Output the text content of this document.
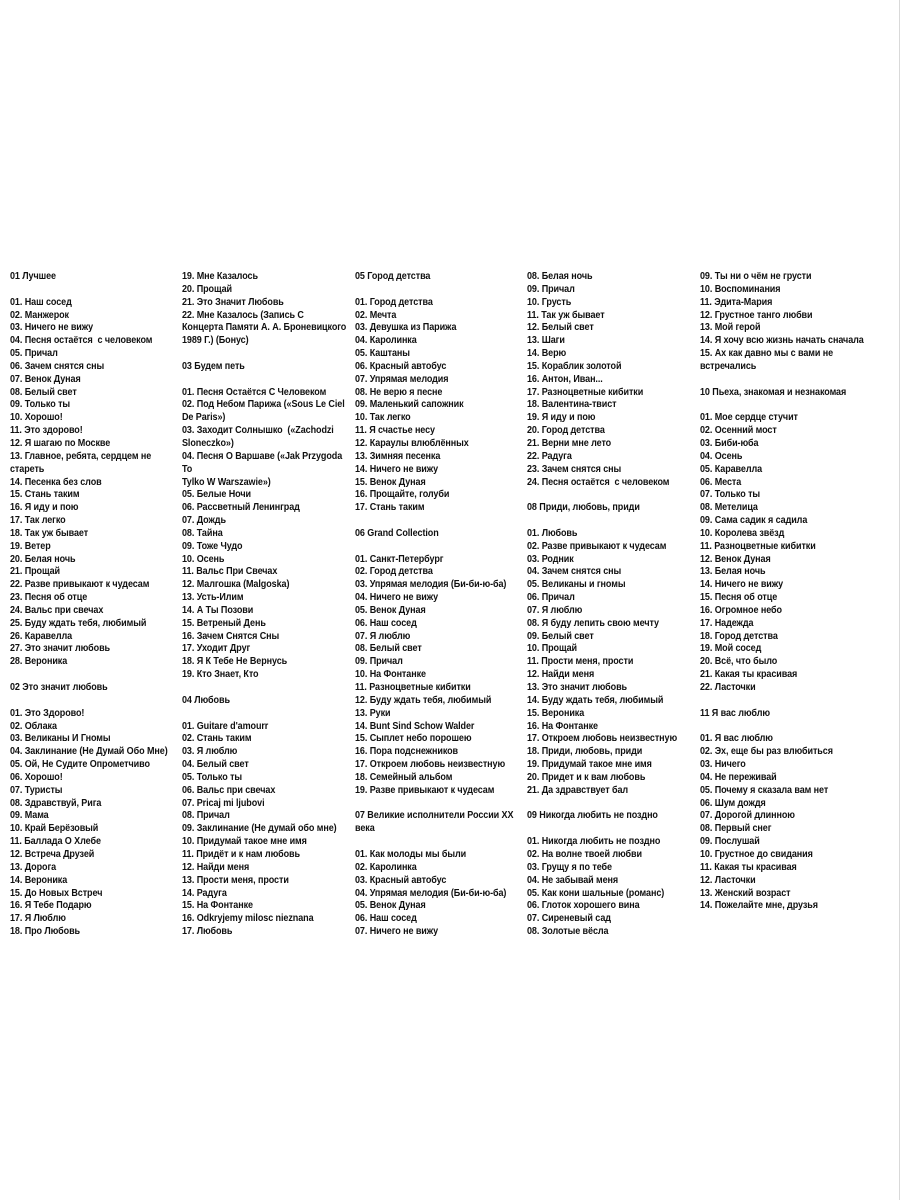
01 Лучшее
01. Наш сосед
02. Манжерок
03. Ничего не вижу
04. Песня остаётся  с человеком
05. Причал
06. Зачем снятся сны
07. Венок Дуная
08. Белый свет
09. Только ты
10. Хорошо!
11. Это здорово!
12. Я шагаю по Москве
13. Главное, ребята, сердцем не
стареть
14. Песенка без слов
15. Стань таким
16. Я иду и пою
17. Так легко
18. Так уж бывает
19. Ветер
20. Белая ночь
21. Прощай
22. Разве привыкают к чудесам
23. Песня об отце
24. Вальс при свечах
25. Буду ждать тебя, любимый
26. Каравелла
27. Это значит любовь
28. Вероника
02 Это значит любовь
01. Это Здорово!
02. Облака
03. Великаны И Гномы
04. Заклинание (Не Думай Обо Мне)
05. Ой, Не Судите Опрометчиво
06. Хорошо!
07. Туристы
08. Здравствуй, Рига
09. Мама
10. Край Берёзовый
11. Баллада О Хлебе
12. Встреча Друзей
13. Дорога
14. Вероника
15. До Новых Встреч
16. Я Тебе Подарю
17. Я Люблю
18. Про Любовь
19. Мне Казалось
20. Прощай
21. Это Значит Любовь
22. Мне Казалось (Запись С
Концерта Памяти А. А. Броневицкого
1989 Г.) (Бонус)
03 Будем петь
01. Песня Остаётся С Человеком
02. Под Небом Парижа («Sous Le Ciel
De Paris»)
03. Заходит Солнышко  («Zachodzi
Sloneczko»)
04. Песня О Варшаве («Jak Przygoda To
Tylko W Warszawie»)
05. Белые Ночи
06. Рассветный Ленинград
07. Дождь
08. Тайна
09. Тоже Чудо
10. Осень
11. Вальс При Свечах
12. Малгошка (Malgoska)
13. Усть-Илим
14. А Ты Позови
15. Ветреный День
16. Зачем Снятся Сны
17. Уходит Друг
18. Я К Тебе Не Вернусь
19. Кто Знает, Кто
04 Любовь
01. Guitare d'amourr
02. Стань таким
03. Я люблю
04. Белый свет
05. Только ты
06. Вальс при свечах
07. Pricaj mi ljubovi
08. Причал
09. Заклинание (Не думай обо мне)
10. Придумай такое мне имя
11. Придёт и к нам любовь
12. Найди меня
13. Прости меня, прости
14. Радуга
15. На Фонтанке
16. Odkryjemy milosc nieznana
17. Любовь
05 Город детства
01. Город детства
02. Мечта
03. Девушка из Парижа
04. Каролинка
05. Каштаны
06. Красный автобус
07. Упрямая мелодия
08. Не верю я песне
09. Маленький сапожник
10. Так легко
11. Я счастье несу
12. Караулы влюблённых
13. Зимняя песенка
14. Ничего не вижу
15. Венок Дуная
16. Прощайте, голуби
17. Стань таким
06 Grand Collection
01. Санкт-Петербург
02. Город детства
03. Упрямая мелодия (Би-би-ю-ба)
04. Ничего не вижу
05. Венок Дуная
06. Наш сосед
07. Я люблю
08. Белый свет
09. Причал
10. На Фонтанке
11. Разноцветные кибитки
12. Буду ждать тебя, любимый
13. Руки
14. Bunt Sind Schow Walder
15. Сыплет небо порошею
16. Пора подснежников
17. Откроем любовь неизвестную
18. Семейный альбом
19. Разве привыкают к чудесам
07 Великие исполнители России XX
века
01. Как молоды мы были
02. Каролинка
03. Красный автобус
04. Упрямая мелодия (Би-би-ю-ба)
05. Венок Дуная
06. Наш сосед
07. Ничего не вижу
08. Белая ночь
09. Причал
10. Грусть
11. Так уж бывает
12. Белый свет
13. Шаги
14. Верю
15. Кораблик золотой
16. Антон, Иван...
17. Разноцветные кибитки
18. Валентина-твист
19. Я иду и пою
20. Город детства
21. Верни мне лето
22. Радуга
23. Зачем снятся сны
24. Песня остаётся  с человеком
08 Приди, любовь, приди
01. Любовь
02. Разве привыкают к чудесам
03. Родник
04. Зачем снятся сны
05. Великаны и гномы
06. Причал
07. Я люблю
08. Я буду лепить свою мечту
09. Белый свет
10. Прощай
11. Прости меня, прости
12. Найди меня
13. Это значит любовь
14. Буду ждать тебя, любимый
15. Вероника
16. На Фонтанке
17. Откроем любовь неизвестную
18. Приди, любовь, приди
19. Придумай такое мне имя
20. Придет и к вам любовь
21. Да здравствует бал
09 Никогда любить не поздно
01. Никогда любить не поздно
02. На волне твоей любви
03. Грущу я по тебе
04. Не забывай меня
05. Как кони шальные (романс)
06. Глоток хорошего вина
07. Сиреневый сад
08. Золотые вёсла
09. Ты ни о чём не грусти
10. Воспоминания
11. Эдита-Мария
12. Грустное танго любви
13. Мой герой
14. Я хочу всю жизнь начать сначала
15. Ах как давно мы с вами не
встречались
10 Пьеха, знакомая и незнакомая
01. Мое сердце стучит
02. Осенний мост
03. Биби-юба
04. Осень
05. Каравелла
06. Места
07. Только ты
08. Метелица
09. Сама садик я садила
10. Королева звёзд
11. Разноцветные кибитки
12. Венок Дуная
13. Белая ночь
14. Ничего не вижу
15. Песня об отце
16. Огромное небо
17. Надежда
18. Город детства
19. Мой сосед
20. Всё, что было
21. Какая ты красивая
22. Ласточки
11 Я вас люблю
01. Я вас люблю
02. Эх, еще бы раз влюбиться
03. Ничего
04. Не переживай
05. Почему я сказала вам нет
06. Шум дождя
07. Дорогой длинною
08. Первый снег
09. Послушай
10. Грустное до свидания
11. Какая ты красивая
12. Ласточки
13. Женский возраст
14. Пожелайте мне, друзья
